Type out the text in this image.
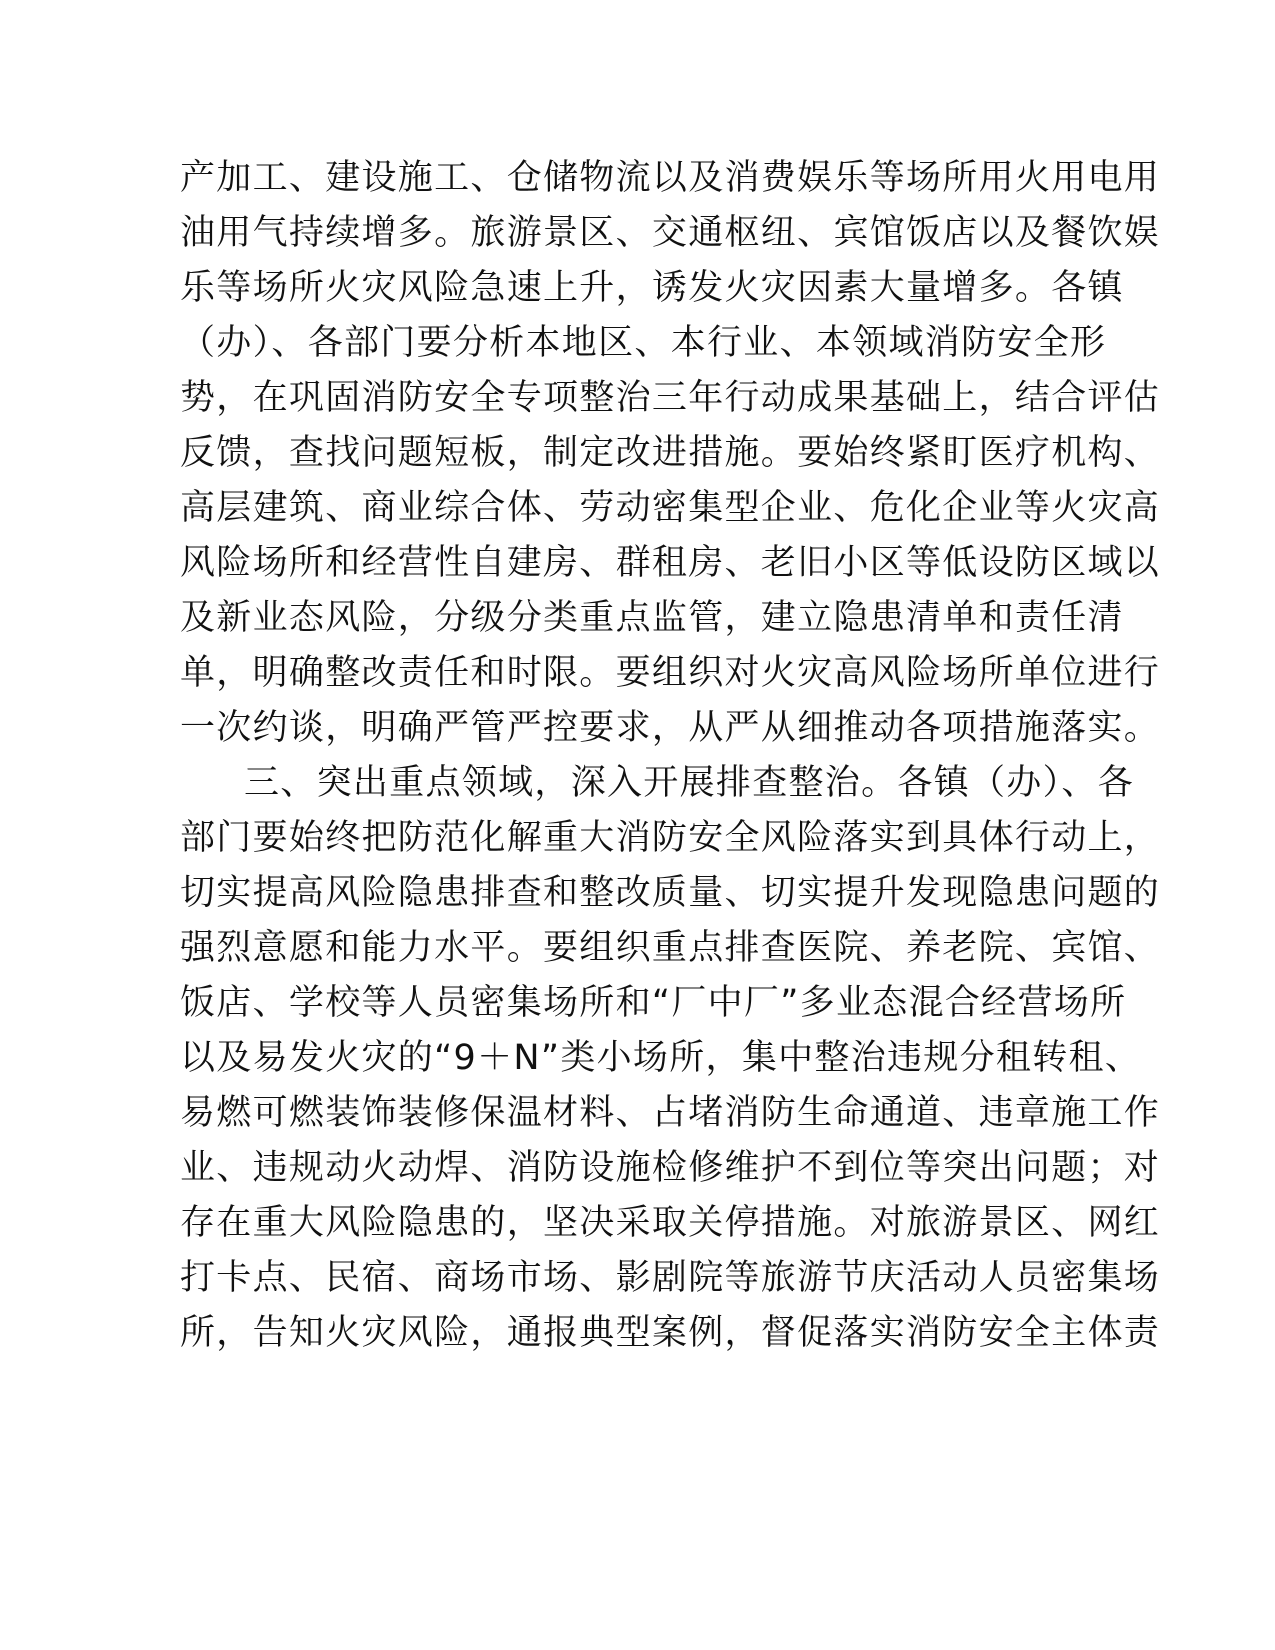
产加工、建设施工、仓储物流以及消费娱乐等场所用火用电用
油用气持续增多。旅游景区、交通枢纽、宾馆饭店以及餐饮娱
乐等场所火灾风险急速上升，诱发火灾因素大量增多。各镇
（办）、各部门要分析本地区、本行业、本领域消防安全形
势，在巩固消防安全专项整治三年行动成果基础上，结合评估
反馈，查找问题短板，制定改进措施。要始终紧盯医疗机构、
高层建筑、商业综合体、劳动密集型企业、危化企业等火灾高
风险场所和经营性自建房、群租房、老旧小区等低设防区域以
及新业态风险，分级分类重点监管，建立隐患清单和责任清
单，明确整改责任和时限。要组织对火灾高风险场所单位进行
一次约谈，明确严管严控要求，从严从细推动各项措施落实。
三、突出重点领域，深入开展排查整治。各镇（办）、各
部门要始终把防范化解重大消防安全风险落实到具体行动上，
切实提高风险隐患排查和整改质量、切实提升发现隐患问题的
强烈意愿和能力水平。要组织重点排查医院、养老院、宾馆、
饭店、学校等人员密集场所和“厂中厂”多业态混合经营场所
以及易发火灾的“9＋N”类小场所，集中整治违规分租转租、
易燃可燃装饰装修保温材料、占堵消防生命通道、违章施工作
业、违规动火动焊、消防设施检修维护不到位等突出问题；对
存在重大风险隐患的，坚决采取关停措施。对旅游景区、网红
打卡点、民宿、商场市场、影剧院等旅游节庆活动人员密集场
所，告知火灾风险，通报典型案例，督促落实消防安全主体责
